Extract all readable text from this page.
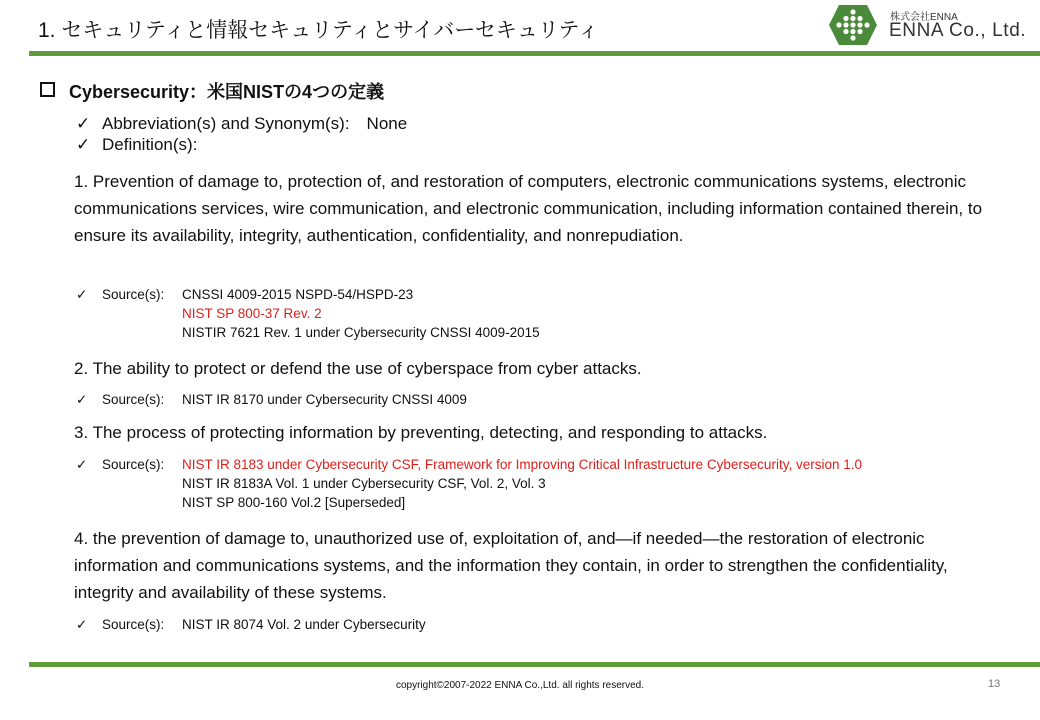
1. セキュリティと情報セキュリティとサイバーセキュリティ
株式会社ENNA
ENNA Co., Ltd.
Cybersecurity：米国NISTの4つの定義
✓ Abbreviation(s) and Synonym(s):　None
✓ Definition(s):

1. Prevention of damage to, protection of, and restoration of computers, electronic communications systems, electronic communications services, wire communication, and electronic communication, including information contained therein, to ensure its availability, integrity, authentication, confidentiality, and nonrepudiation.

✓ Source(s): CNSSI 4009-2015 NSPD-54/HSPD-23
NIST SP 800-37 Rev. 2
NISTIR 7621 Rev. 1 under Cybersecurity CNSSI 4009-2015

2. The ability to protect or defend the use of cyberspace from cyber attacks.

✓ Source(s): NIST IR 8170 under Cybersecurity CNSSI 4009

3. The process of protecting information by preventing, detecting, and responding to attacks.

✓ Source(s): NIST IR 8183 under Cybersecurity CSF, Framework for Improving Critical Infrastructure Cybersecurity, version 1.0
NIST IR 8183A Vol. 1 under Cybersecurity CSF, Vol. 2, Vol. 3
NIST SP 800-160 Vol.2 [Superseded]

4. the prevention of damage to, unauthorized use of, exploitation of, and—if needed—the restoration of electronic information and communications systems, and the information they contain, in order to strengthen the confidentiality, integrity and availability of these systems.

✓ Source(s): NIST IR 8074 Vol. 2 under Cybersecurity
copyright©2007-2022 ENNA Co.,Ltd. all rights reserved.	13
